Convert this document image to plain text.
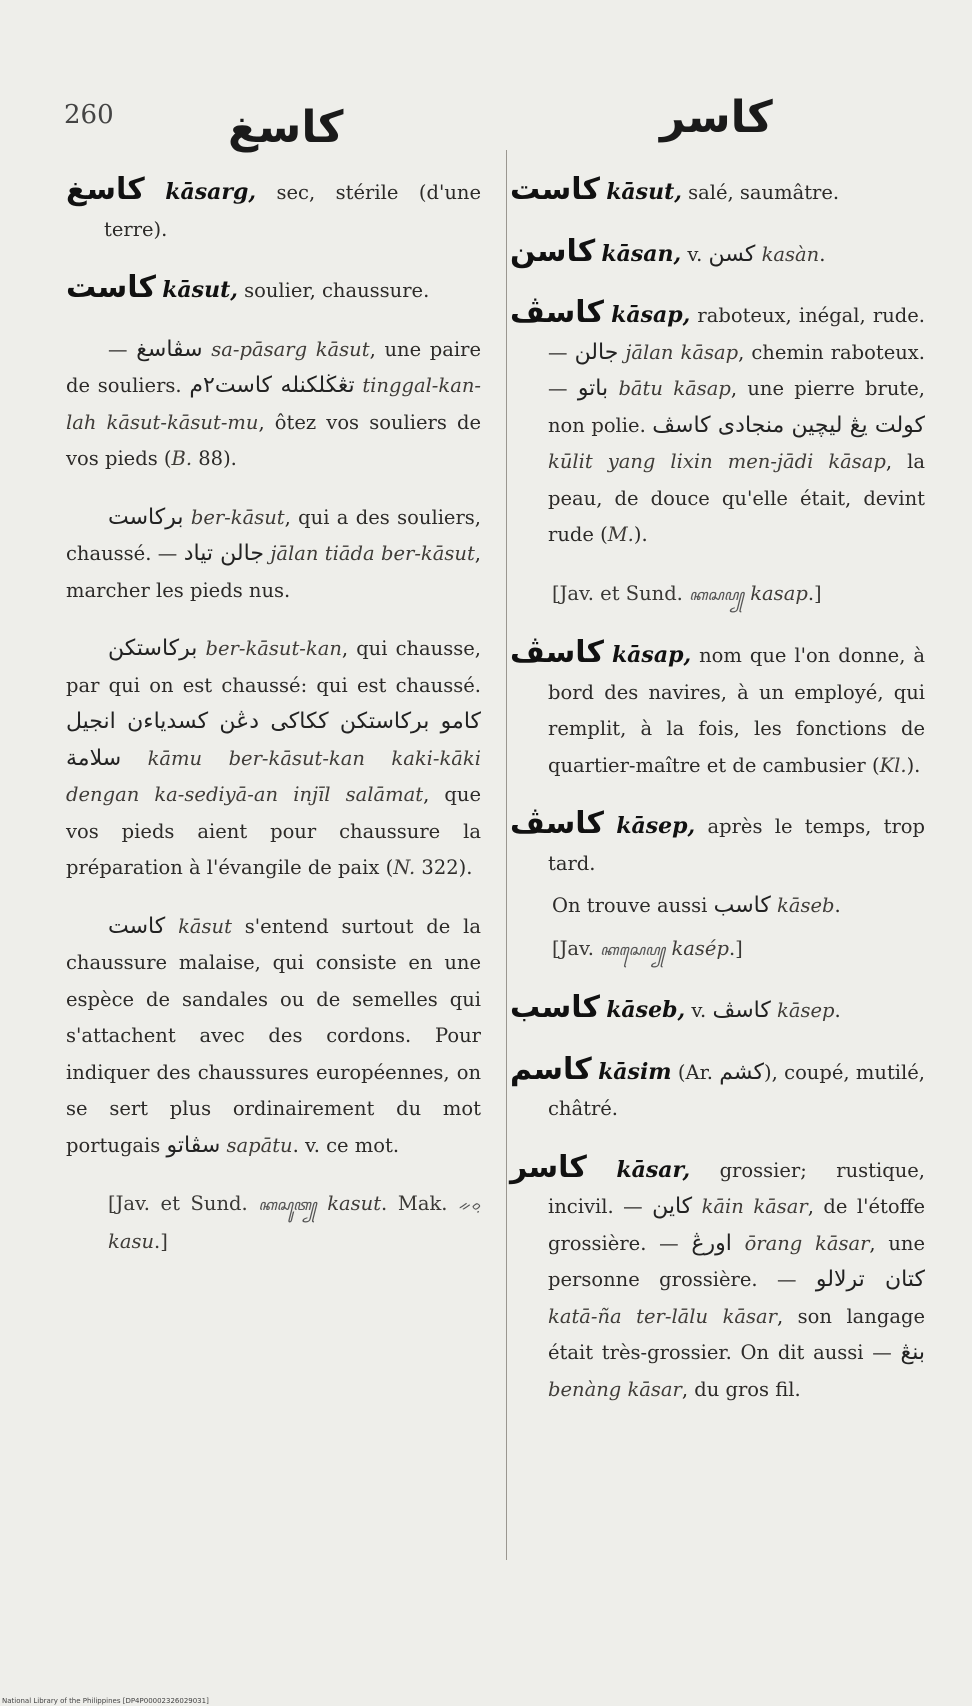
260	كاسغ	كاسر

كاسغ kāsarg, sec, stérile (d'une terre).

كاست kāsut, soulier, chaussure.

— سڤاسغ sa-pāsarg kāsut, une paire de souliers. تڠڬلكنله كاست٢م tinggal-kan-lah kāsut-kāsut-mu, ôtez vos souliers de vos pieds (B. 88).

بركاست ber-kāsut, qui a des souliers, chaussé. — جالن تياد jālan tiāda ber-kāsut, marcher les pieds nus.

بركاستكن ber-kāsut-kan, qui chausse, par qui on est chaussé: qui est chaussé. كامو بركاستكن ككاكى دڠن كسدياءن انجيل سلامة kāmu ber-kāsut-kan kaki-kāki dengan ka-sediyā-an injīl salāmat, que vos pieds aient pour chaussure la préparation à l'évangile de paix (N. 322).

كاست kāsut s'entend surtout de la chaussure malaise, qui consiste en une espèce de sandales ou de semelles qui s'attachent avec des cordons. Pour indiquer des chaussures européennes, on se sert plus ordinairement du mot portugais سڤاتو sapātu. v. ce mot.

[Jav. et Sund. ꦏꦱꦸꦠ꧀ kasut. Mak. ᨀᨔᨘ kasu.]

كاست kāsut, salé, saumâtre.

كاسن kāsan, v. كسن kasàn.

كاسڤ kāsap, raboteux, inégal, rude. — جالن jālan kāsap, chemin raboteux. — باتو bātu kāsap, une pierre brute, non polie. كولت يڠ ليچين منجادى كاسڤ kūlit yang lixin men-jādi kāsap, la peau, de douce qu'elle était, devint rude (M.).

[Jav. et Sund. ꦏꦱꦥ꧀ kasap.]

كاسڤ kāsap, nom que l'on donne, à bord des navires, à un employé, qui remplit, à la fois, les fonctions de quartier-maître et de cambusier (Kl.).

كاسڤ kāsep, après le temps, trop tard.

On trouve aussi كاسب kāseb.

[Jav. ꦏꦱꦺꦥ꧀ kasép.]

كاسب kāseb, v. كاسڤ kāsep.

كاسم kāsim (Ar. كشم), coupé, mutilé, châtré.

كاسر kāsar, grossier; rustique, incivil. — كاين kāin kāsar, de l'étoffe grossière. — اورڠ ōrang kāsar, une personne grossière. — كتان ترلالو katā-ña ter-lālu kāsar, son langage était très-grossier. On dit aussi — بنڠ benàng kāsar, du gros fil.

National Library of the Philippines [DP4P00002326029031]
